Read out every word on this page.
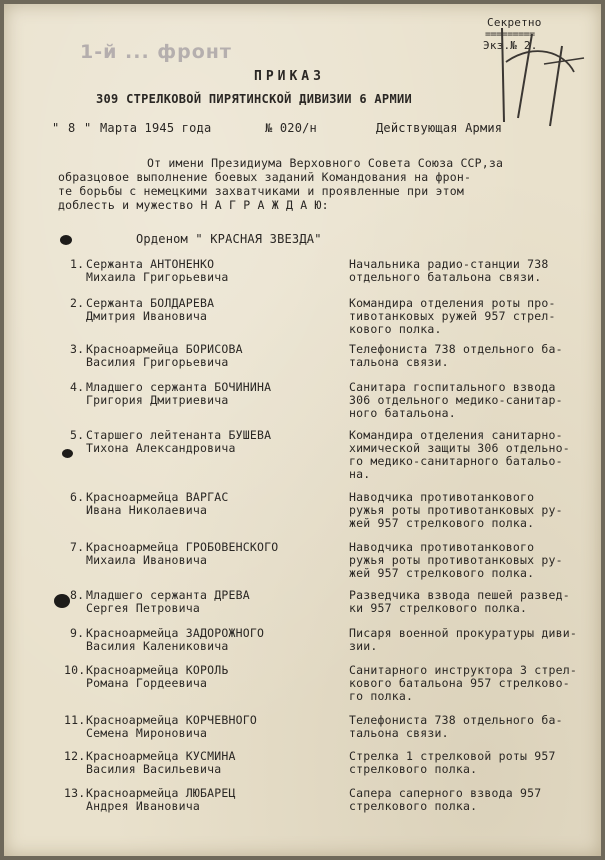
Секретно
=========
Экз.№ 2.
1-й ... фронт
ПРИКАЗ
309 СТРЕЛКОВОЙ ПИРЯТИНСКОЙ ДИВИЗИИ 6 АРМИИ
" 8 " Марта 1945 года	№ 020/н	Действующая Армия
От имени Президиума Верховного Совета Союза ССР,за
образцовое выполнение боевых заданий Командования на фрон-
те борьбы с немецкими захватчиками и проявленные при этом
доблесть и мужество Н А Г Р А Ж Д А Ю:
Орденом " КРАСНАЯ ЗВЕЗДА"
1. Сержанта АНТОНЕНКО
Михаила Григорьевича
Начальника радио-станции 738
отдельного батальона связи.
2. Сержанта БОЛДАРЕВА
Дмитрия Ивановича
Командира отделения роты про-
тивотанковых ружей 957 стрел-
кового полка.
3. Красноармейца БОРИСОВА
Василия Григорьевича
Телефониста 738 отдельного ба-
тальона связи.
4. Младшего сержанта БОЧИНИНА
Григория Дмитриевича
Санитара госпитального взвода
306 отдельного медико-санитар-
ного батальона.
5. Старшего лейтенанта БУШЕВА
Тихона Александровича
Командира отделения санитарно-
химической защиты 306 отдельно-
го медико-санитарного батальо-
на.
6. Красноармейца ВАРГАС
Ивана Николаевича
Наводчика противотанкового
ружья роты противотанковых ру-
жей 957 стрелкового полка.
7. Красноармейца ГРОБОВЕНСКОГО
Михаила Ивановича
Наводчика противотанкового
ружья роты противотанковых ру-
жей 957 стрелкового полка.
8. Младшего сержанта ДРЕВА
Сергея Петровича
Разведчика взвода пешей развед-
ки 957 стрелкового полка.
9. Красноармейца ЗАДОРОЖНОГО
Василия Калениковича
Писаря военной прокуратуры диви-
зии.
10. Красноармейца КОРОЛЬ
Романа Гордеевича
Санитарного инструктора 3 стрел-
кового батальона 957 стрелково-
го полка.
11. Красноармейца КОРЧЕВНОГО
Семена Мироновича
Телефониста 738 отдельного ба-
тальона связи.
12. Красноармейца КУСМИНА
Василия Васильевича
Стрелка 1 стрелковой роты 957
стрелкового полка.
13. Красноармейца ЛЮБАРЕЦ
Андрея Ивановича
Сапера саперного взвода 957
стрелкового полка.
